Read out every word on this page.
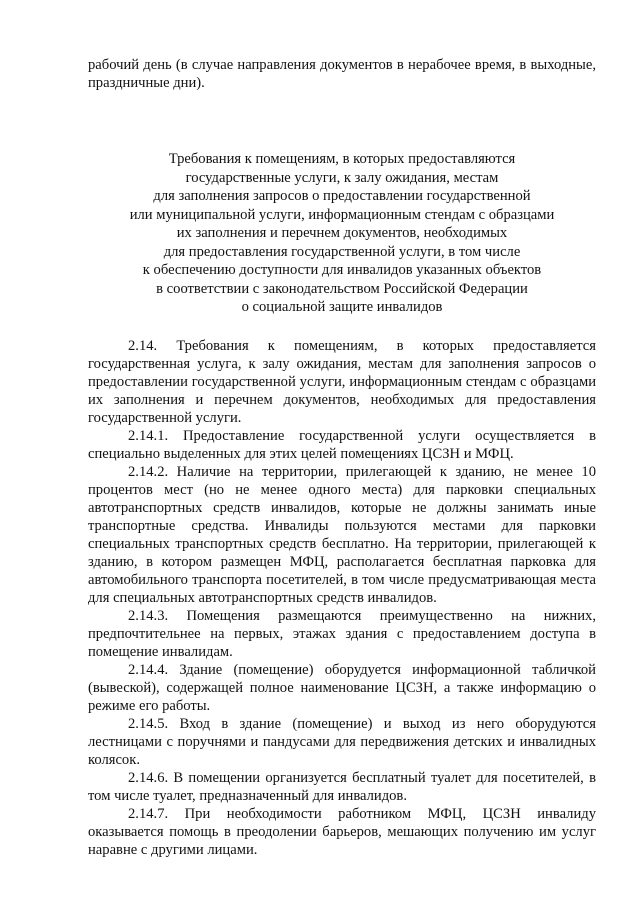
рабочий день (в случае направления документов в нерабочее время, в выходные, праздничные дни).

Требования к помещениям, в которых предоставляются
государственные услуги, к залу ожидания, местам
для заполнения запросов о предоставлении государственной
или муниципальной услуги, информационным стендам с образцами
их заполнения и перечнем документов, необходимых
для предоставления государственной услуги, в том числе
к обеспечению доступности для инвалидов указанных объектов
в соответствии с законодательством Российской Федерации
о социальной защите инвалидов

2.14. Требования к помещениям, в которых предоставляется государственная услуга, к залу ожидания, местам для заполнения запросов о предоставлении государственной услуги, информационным стендам с образцами их заполнения и перечнем документов, необходимых для предоставления государственной услуги.

2.14.1. Предоставление государственной услуги осуществляется в специально выделенных для этих целей помещениях ЦСЗН и МФЦ.

2.14.2. Наличие на территории, прилегающей к зданию, не менее 10 процентов мест (но не менее одного места) для парковки специальных автотранспортных средств инвалидов, которые не должны занимать иные транспортные средства. Инвалиды пользуются местами для парковки специальных транспортных средств бесплатно. На территории, прилегающей к зданию, в котором размещен МФЦ, располагается бесплатная парковка для автомобильного транспорта посетителей, в том числе предусматривающая места для специальных автотранспортных средств инвалидов.

2.14.3. Помещения размещаются преимущественно на нижних, предпочтительнее на первых, этажах здания с предоставлением доступа в помещение инвалидам.

2.14.4. Здание (помещение) оборудуется информационной табличкой (вывеской), содержащей полное наименование ЦСЗН, а также информацию о режиме его работы.

2.14.5. Вход в здание (помещение) и выход из него оборудуются лестницами с поручнями и пандусами для передвижения детских и инвалидных колясок.

2.14.6. В помещении организуется бесплатный туалет для посетителей, в том числе туалет, предназначенный для инвалидов.

2.14.7. При необходимости работником МФЦ, ЦСЗН инвалиду оказывается помощь в преодолении барьеров, мешающих получению им услуг наравне с другими лицами.
